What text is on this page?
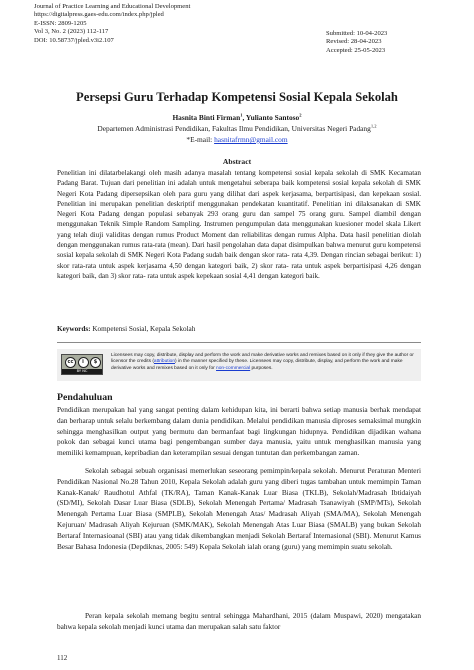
Journal of Practice Learning and Educational Development
https://digitalpress.gaes-edu.com/index.php/jpled
E-ISSN: 2809-1205
Vol 3, No. 2 (2023) 112-117
DOI: 10.58737/jpled.v3i2.107
Submitted: 10-04-2023
Revised: 28-04-2023
Accepted: 25-05-2023
Persepsi Guru Terhadap Kompetensi Sosial Kepala Sekolah
Hasnita Binti Firman$^1$, Yulianto Santoso$^2$
Departemen Administrasi Pendidikan, Fakultas Ilmu Pendidikan, Universitas Negeri Padang$^{1,2}$
*E-mail: hasnitafrmn@gmail.com
Abstract

Penelitian ini dilatarbelakangi oleh masih adanya masalah tentang kompetensi sosial kepala sekolah di SMK Kecamatan Padang Barat. Tujuan dari penelitian ini adalah untuk mengetahui seberapa baik kompetensi sosial kepala sekolah di SMK Negeri Kota Padang dipersepsikan oleh para guru yang dilihat dari aspek kerjasama, berpartisipasi, dan kepekaan sosial. Penelitian ini merupakan penelitian deskriptif menggunakan pendekatan kuantitatif. Penelitian ini dilaksanakan di SMK Negeri Kota Padang dengan populasi sebanyak 293 orang guru dan sampel 75 orang guru. Sampel diambil dengan menggunakan Teknik Simple Random Sampling. Instrumen pengumpulan data menggunakan kuesioner model skala Likert yang telah diuji validitas dengan rumus Product Moment dan reliabilitas dengan rumus Alpha. Data hasil penelitian diolah dengan menggunakan rumus rata-rata (mean). Dari hasil pengolahan data dapat disimpulkan bahwa menurut guru kompetensi sosial kepala sekolah di SMK Negeri Kota Padang sudah baik dengan skor rata- rata 4,39. Dengan rincian sebagai berikut: 1) skor rata-rata untuk aspek kerjasama 4,50 dengan kategori baik, 2) skor rata- rata untuk aspek berpartisipasi 4,26 dengan kategori baik, dan 3) skor rata- rata untuk aspek kepekaan sosial 4,41 dengan kategori baik.

Keywords: Kompetensi Sosial, Kepala Sekolah

cc	i	$
BY NC

Licensees may copy, distribute, display and perform the work and make derivative works and remixes based on it only if they give the author or licensor the credits (attribution) in the manner specified by these. Licensees may copy, distribute, display, and perform the work and make derivative works and remixes based on it only for non-commercial purposes.

Pendahuluan

Pendidikan merupakan hal yang sangat penting dalam kehidupan kita, ini berarti bahwa setiap manusia berhak mendapat dan berharap untuk selalu berkembang dalam dunia pendidikan. Melalui pendidikan manusia diproses semaksimal mungkin sehingga menghasilkan output yang bermutu dan bermanfaat bagi lingkungan hidupnya. Pendidikan dijadikan wahana pokok dan sebagai kunci utama bagi pengembangan sumber daya manusia, yaitu untuk menghasilkan manusia yang memiliki kemampuan, kepribadian dan keterampilan sesuai dengan tuntutan dan perkembangan zaman.

Sekolah sebagai sebuah organisasi memerlukan seseorang pemimpin/kepala sekolah. Menurut Peraturan Menteri Pendidikan Nasional No.28 Tahun 2010, Kepala Sekolah adalah guru yang diberi tugas tambahan untuk memimpin Taman Kanak-Kanak/ Raudhotul Athfal (TK/RA), Taman Kanak-Kanak Luar Biasa (TKLB), Sekolah/Madrasah Ibtidaiyah (SD/MI), Sekolah Dasar Luar Biasa (SDLB), Sekolah Menengah Pertama/ Madrasah Tsanawiyah (SMP/MTs), Sekolah Menengah Pertama Luar Biasa (SMPLB), Sekolah Menengah Atas/ Madrasah Aliyah (SMA/MA), Sekolah Menengah Kejuruan/ Madrasah Aliyah Kejuruan (SMK/MAK), Sekolah Menengah Atas Luar Biasa (SMALB) yang bukan Sekolah Bertaraf Internasioanal (SBI) atau yang tidak dikembangkan menjadi Sekolah Bertaraf Internasional (SBI). Menurut Kamus Besar Bahasa Indonesia (Depdiknas, 2005: 549) Kepala Sekolah ialah orang (guru) yang memimpin suatu sekolah.

Peran kepala sekolah memang begitu sentral sehingga Mahardhani, 2015 (dalam Muspawi, 2020) mengatakan bahwa kepala sekolah menjadi kunci utama dan merupakan salah satu faktor

112
